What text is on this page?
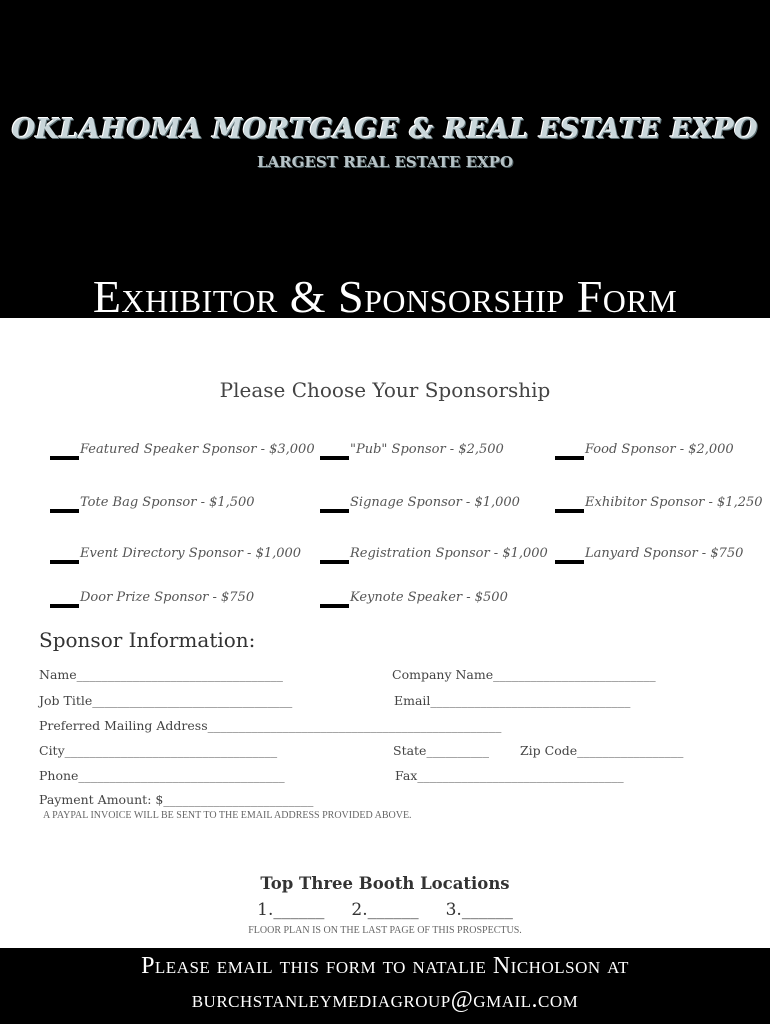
OKLAHOMA MORTGAGE & REAL ESTATE EXPO
LARGEST REAL ESTATE EXPO
Exhibitor & Sponsorship Form
Please Choose Your Sponsorship
Featured Speaker Sponsor - $3,000	"Pub" Sponsor - $2,500	Food Sponsor - $2,000
Tote Bag Sponsor - $1,500	Signage Sponsor - $1,000	Exhibitor Sponsor - $1,250
Event Directory Sponsor - $1,000	Registration Sponsor - $1,000	Lanyard Sponsor - $750
Door Prize Sponsor - $750	Keynote Speaker - $500
Sponsor Information:
Name_________________________________	Company Name__________________________
Job Title________________________________	Email________________________________
Preferred Mailing Address_______________________________________________
City__________________________________	State__________ Zip Code_________________
Phone_________________________________	Fax_________________________________
Payment Amount: $________________________
A PAYPAL INVOICE WILL BE SENT TO THE EMAIL ADDRESS PROVIDED ABOVE.
Top Three Booth Locations
1.______     2.______     3.______
FLOOR PLAN IS ON THE LAST PAGE OF THIS PROSPECTUS.
Please email this form to natalie Nicholson at
burchstanleymediagroup@gmail.com
